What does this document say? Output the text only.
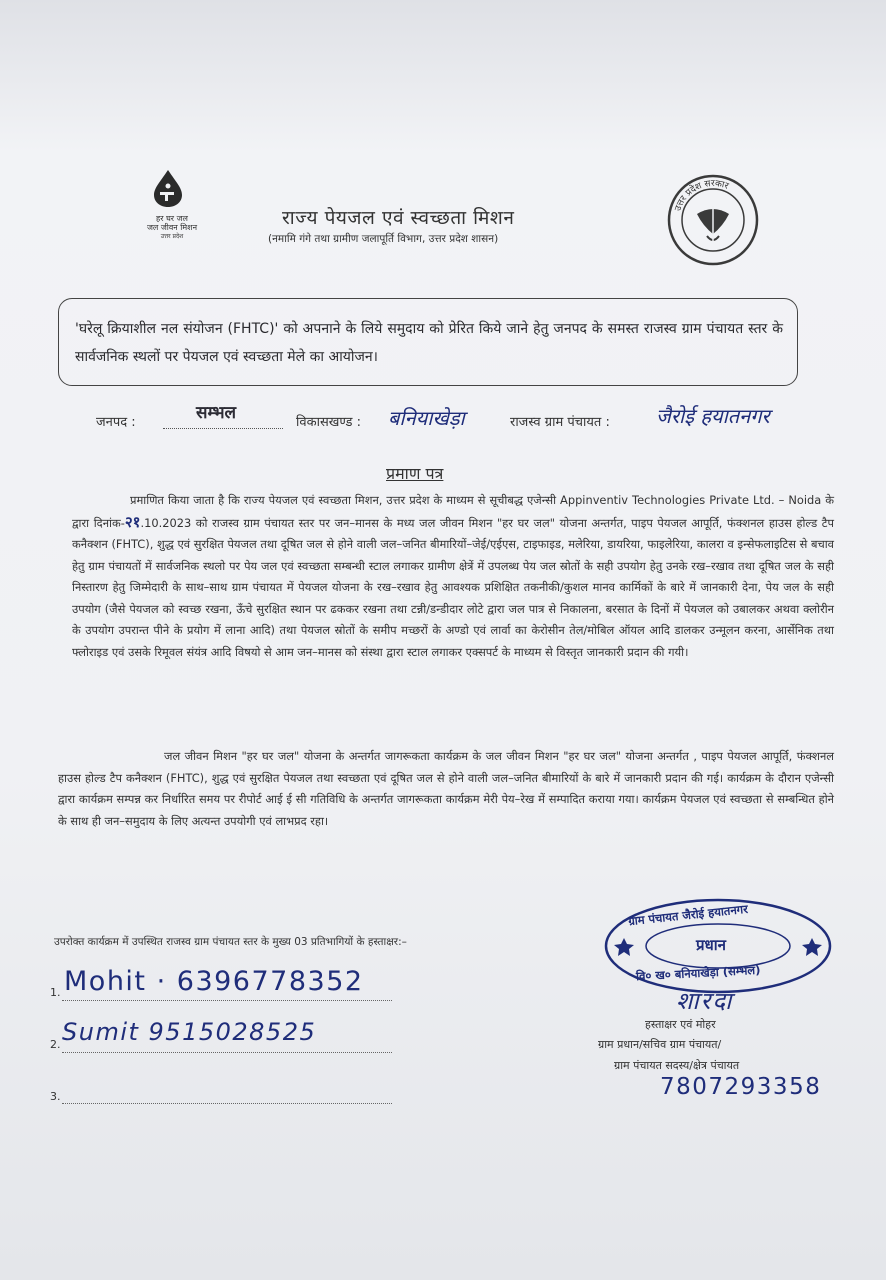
हर घर जल
जल जीवन मिशन
उत्तर प्रदेश
राज्य पेयजल एवं स्वच्छता मिशन
(नमामि गंगे तथा ग्रामीण जलापूर्ति विभाग, उत्तर प्रदेश शासन)
उत्तर प्रदेश सरकार
'घरेलू क्रियाशील नल संयोजन (FHTC)' को अपनाने के लिये समुदाय को प्रेरित किये जाने हेतु जनपद के समस्त राजस्व ग्राम पंचायत स्तर के सार्वजनिक स्थलों पर पेयजल एवं स्वच्छता मेले का आयोजन।
जनपद :	सम्भल	विकासखण्ड : बनियाखेड़ा	राजस्व ग्राम पंचायत : जैरोई हयातनगर
प्रमाण पत्र
प्रमाणित किया जाता है कि राज्य पेयजल एवं स्वच्छता मिशन, उत्तर प्रदेश के माध्यम से सूचीबद्ध एजेन्सी Appinventiv Technologies Private Ltd. – Noida के द्वारा दिनांक-२१.10.2023 को राजस्व ग्राम पंचायत स्तर पर जन–मानस के मध्य जल जीवन मिशन "हर घर जल" योजना अन्तर्गत, पाइप पेयजल आपूर्ति, फंक्शनल हाउस होल्ड टैप कनैक्शन (FHTC), शुद्ध एवं सुरक्षित पेयजल तथा दूषित जल से होने वाली जल–जनित बीमारियों–जेई/एईएस, टाइफाइड, मलेरिया, डायरिया, फाइलेरिया, कालरा व इन्सेफलाइटिस से बचाव हेतु ग्राम पंचायतों में सार्वजनिक स्थलो पर पेय जल एवं स्वच्छता सम्बन्धी स्टाल लगाकर ग्रामीण क्षेत्रें में उपलब्ध पेय जल स्रोतों के सही उपयोग हेतु उनके रख–रखाव तथा दूषित जल के सही निस्तारण हेतु जिम्मेदारी के साथ–साथ ग्राम पंचायत में पेयजल योजना के रख–रखाव हेतु आवश्यक प्रशिक्षित तकनीकी/कुशल मानव कार्मिकों के बारे में जानकारी देना, पेय जल के सही उपयोग (जैसे पेयजल को स्वच्छ रखना, ऊँचे सुरक्षित स्थान पर ढककर रखना तथा टन्नी/डन्डीदार लोटे द्वारा जल पात्र से निकालना, बरसात के दिनों में पेयजल को उबालकर अथवा क्लोरीन के उपयोग उपरान्त पीने के प्रयोग में लाना आदि) तथा पेयजल स्रोतों के समीप मच्छरों के अण्डो एवं लार्वा का केरोसीन तेल/मोबिल ऑयल आदि डालकर उन्मूलन करना, आर्सेनिक तथा फ्लोराइड एवं उसके रिमूवल संयंत्र आदि विषयो से आम जन–मानस को संस्था द्वारा स्टाल लगाकर एक्सपर्ट के माध्यम से विस्तृत जानकारी प्रदान की गयी।
जल जीवन मिशन "हर घर जल" योजना के अन्तर्गत जागरूकता कार्यक्रम के जल जीवन मिशन "हर घर जल" योजना अन्तर्गत , पाइप पेयजल आपूर्ति, फंक्शनल हाउस होल्ड टैप कनैक्शन (FHTC), शुद्ध एवं सुरक्षित पेयजल तथा स्वच्छता एवं दूषित जल से होने वाली जल–जनित बीमारियों के बारे में जानकारी प्रदान की गई। कार्यक्रम के दौरान एजेन्सी द्वारा कार्यक्रम सम्पन्न कर निर्धारित समय पर रीपोर्ट आई ई सी गतिविधि के अन्तर्गत जागरूकता कार्यक्रम मेरी पेय–रेख में सम्पादित कराया गया। कार्यक्रम पेयजल एवं स्वच्छता से सम्बन्धित होने के साथ ही जन–समुदाय के लिए अत्यन्त उपयोगी एवं लाभप्रद रहा।
उपरोक्त कार्यक्रम में उपस्थित राजस्व ग्राम पंचायत स्तर के मुख्य 03 प्रतिभागियों के हस्ताक्षर:–
1. Mohit · 6396778352
2. Sumit 9515028525
3.
ग्राम पंचायत जैरोई हयातनगर
प्रधान
वि० ख० बनियाखेड़ा (सम्भल)
शारदा
हस्ताक्षर एवं मोहर
ग्राम प्रधान/सचिव ग्राम पंचायत/
ग्राम पंचायत सदस्य/क्षेत्र पंचायत
7807293358
